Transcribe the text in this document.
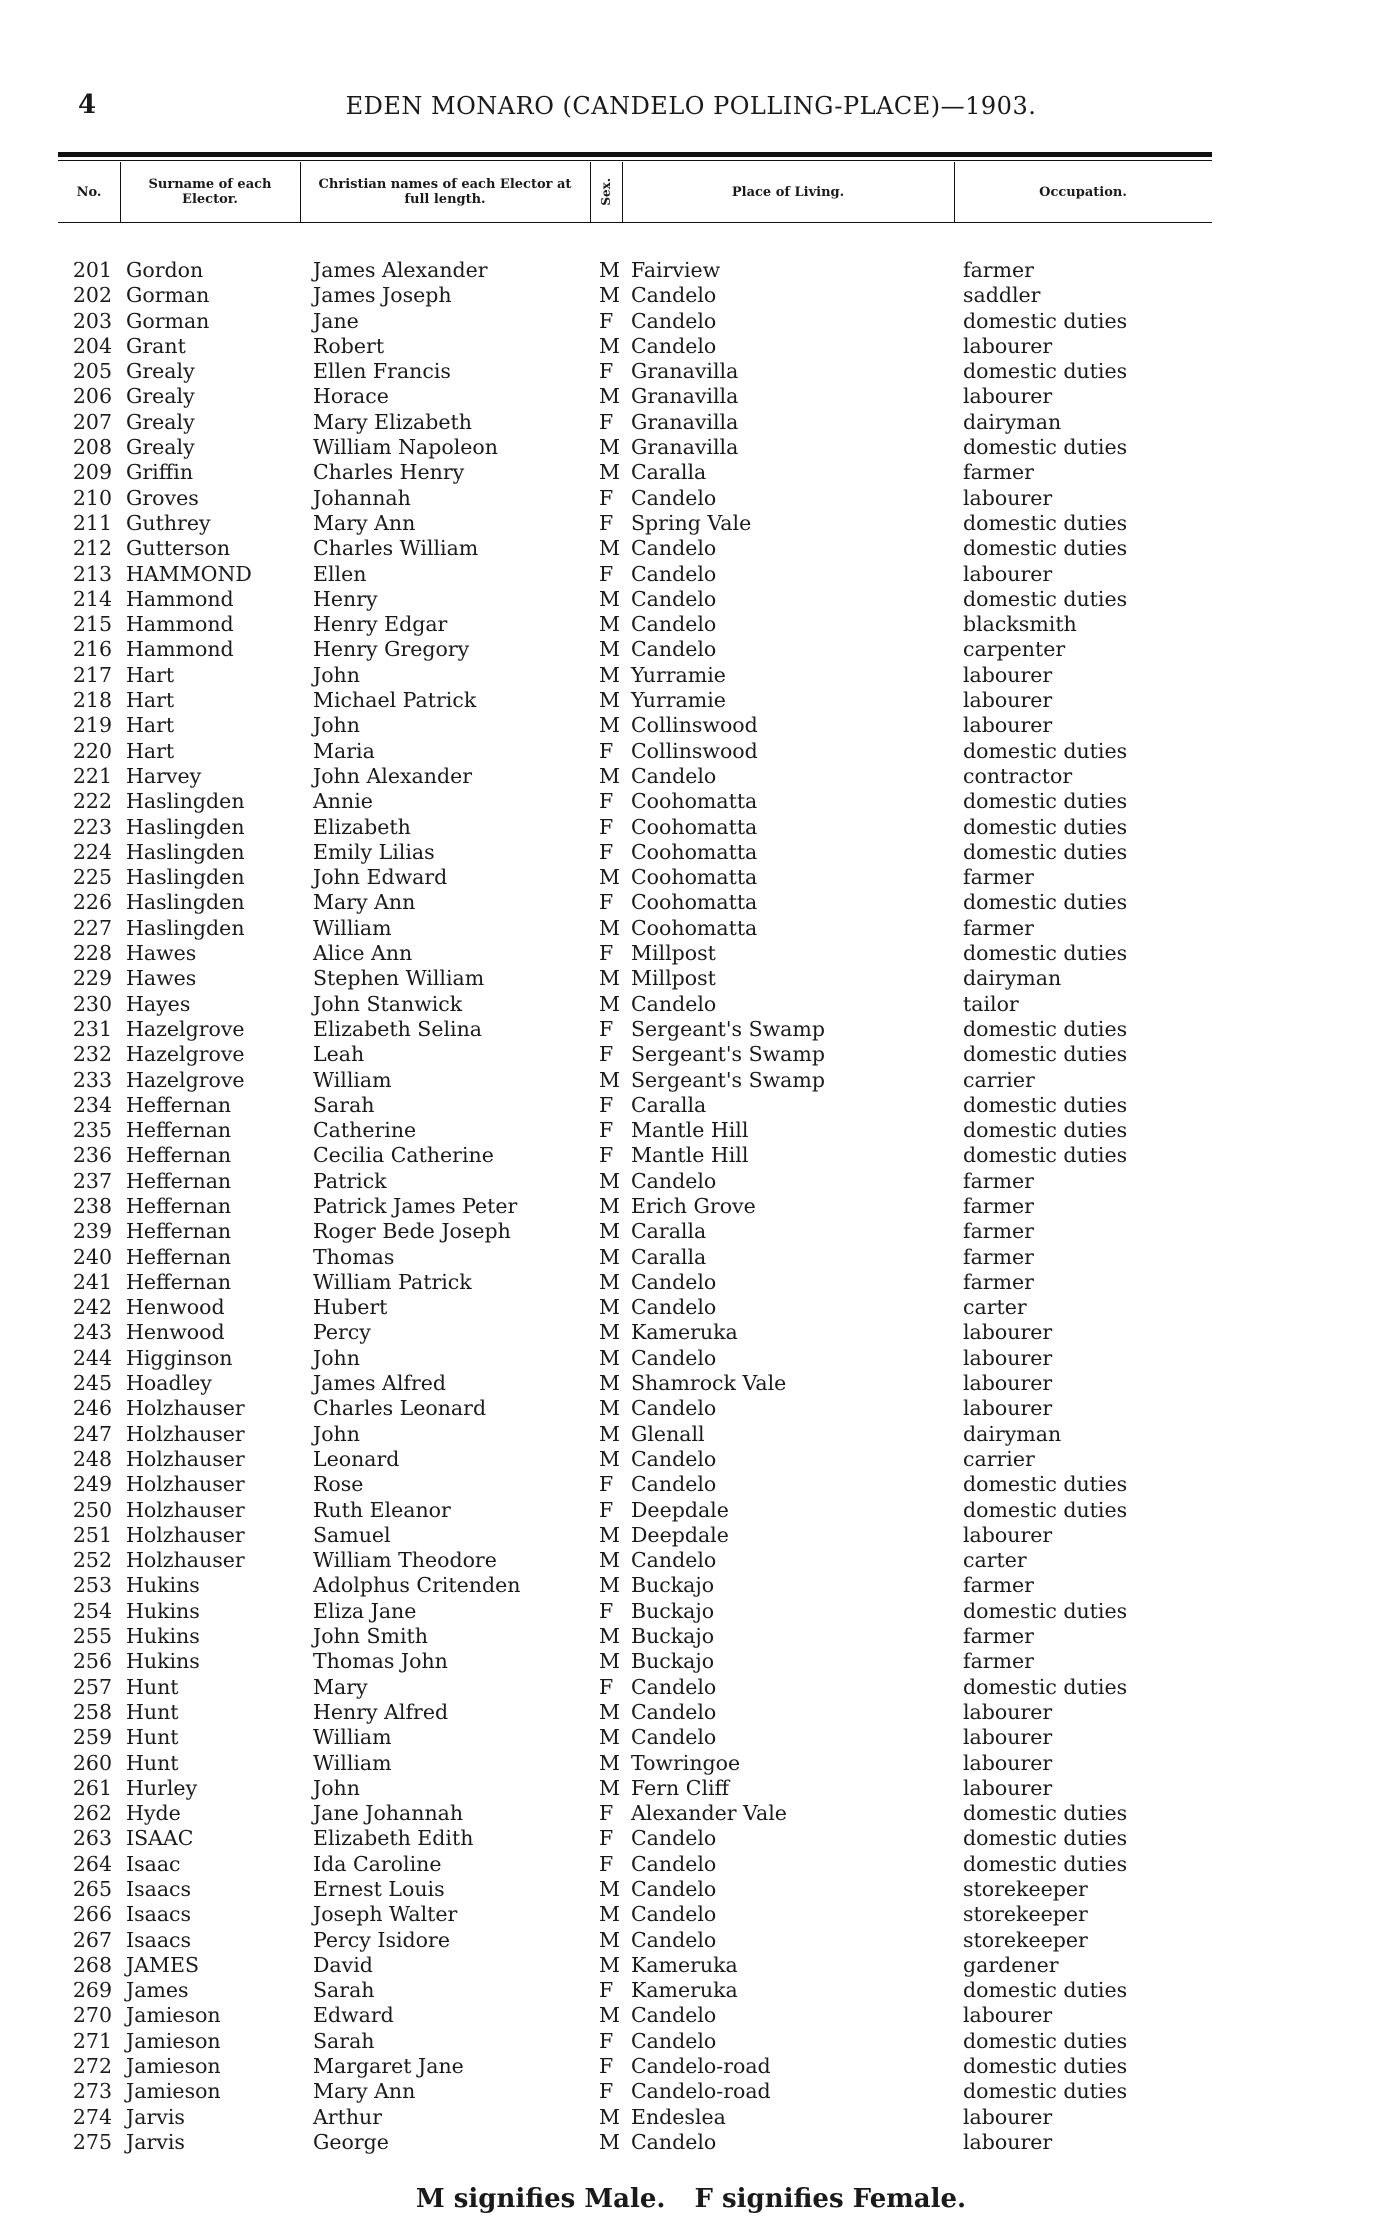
4	EDEN MONARO (CANDELO POLLING-PLACE)—1903.
No.	Surname of each Elector.
Christian names of each Elector at full length.	Sex.	Place of Living.	Occupation.
201 Gordon	James Alexander	M Fairview	farmer
202 Gorman	James Joseph	M Candelo	saddler
203 Gorman	Jane	F Candelo	domestic duties
204 Grant	Robert	M Candelo	labourer
205 Grealy	Ellen Francis	F Granavilla	domestic duties
206 Grealy	Horace	M Granavilla	labourer
207 Grealy	Mary Elizabeth	F Granavilla	dairyman
208 Grealy	William Napoleon	M Granavilla	domestic duties
209 Griffin	Charles Henry	M Caralla	farmer
210 Groves	Johannah	F Candelo	labourer
211 Guthrey	Mary Ann	F Spring Vale	domestic duties
212 Gutterson	Charles William	M Candelo	domestic duties
213 HAMMOND	Ellen	F Candelo	labourer
214 Hammond	Henry	M Candelo	domestic duties
215 Hammond	Henry Edgar	M Candelo	blacksmith
216 Hammond	Henry Gregory	M Candelo	carpenter
217 Hart	John	M Yurramie	labourer
218 Hart	Michael Patrick	M Yurramie	labourer
219 Hart	John	M Collinswood	labourer
220 Hart	Maria	F Collinswood	domestic duties
221 Harvey	John Alexander	M Candelo	contractor
222 Haslingden	Annie	F Coohomatta	domestic duties
223 Haslingden	Elizabeth	F Coohomatta	domestic duties
224 Haslingden	Emily Lilias	F Coohomatta	domestic duties
225 Haslingden	John Edward	M Coohomatta	farmer
226 Haslingden	Mary Ann	F Coohomatta	domestic duties
227 Haslingden	William	M Coohomatta	farmer
228 Hawes	Alice Ann	F Millpost	domestic duties
229 Hawes	Stephen William	M Millpost	dairyman
230 Hayes	John Stanwick	M Candelo	tailor
231 Hazelgrove	Elizabeth Selina	F Sergeant's Swamp	domestic duties
232 Hazelgrove	Leah	F Sergeant's Swamp	domestic duties
233 Hazelgrove	William	M Sergeant's Swamp	carrier
234 Heffernan	Sarah	F Caralla	domestic duties
235 Heffernan	Catherine	F Mantle Hill	domestic duties
236 Heffernan	Cecilia Catherine	F Mantle Hill	domestic duties
237 Heffernan	Patrick	M Candelo	farmer
238 Heffernan	Patrick James Peter	M Erich Grove	farmer
239 Heffernan	Roger Bede Joseph	M Caralla	farmer
240 Heffernan	Thomas	M Caralla	farmer
241 Heffernan	William Patrick	M Candelo	farmer
242 Henwood	Hubert	M Candelo	carter
243 Henwood	Percy	M Kameruka	labourer
244 Higginson	John	M Candelo	labourer
245 Hoadley	James Alfred	M Shamrock Vale	labourer
246 Holzhauser	Charles Leonard	M Candelo	labourer
247 Holzhauser	John	M Glenall	dairyman
248 Holzhauser	Leonard	M Candelo	carrier
249 Holzhauser	Rose	F Candelo	domestic duties
250 Holzhauser	Ruth Eleanor	F Deepdale	domestic duties
251 Holzhauser	Samuel	M Deepdale	labourer
252 Holzhauser	William Theodore	M Candelo	carter
253 Hukins	Adolphus Critenden	M Buckajo	farmer
254 Hukins	Eliza Jane	F Buckajo	domestic duties
255 Hukins	John Smith	M Buckajo	farmer
256 Hukins	Thomas John	M Buckajo	farmer
257 Hunt	Mary	F Candelo	domestic duties
258 Hunt	Henry Alfred	M Candelo	labourer
259 Hunt	William	M Candelo	labourer
260 Hunt	William	M Towringoe	labourer
261 Hurley	John	M Fern Cliff	labourer
262 Hyde	Jane Johannah	F Alexander Vale	domestic duties
263 ISAAC	Elizabeth Edith	F Candelo	domestic duties
264 Isaac	Ida Caroline	F Candelo	domestic duties
265 Isaacs	Ernest Louis	M Candelo	storekeeper
266 Isaacs	Joseph Walter	M Candelo	storekeeper
267 Isaacs	Percy Isidore	M Candelo	storekeeper
268 JAMES	David	M Kameruka	gardener
269 James	Sarah	F Kameruka	domestic duties
270 Jamieson	Edward	M Candelo	labourer
271 Jamieson	Sarah	F Candelo	domestic duties
272 Jamieson	Margaret Jane	F Candelo-road	domestic duties
273 Jamieson	Mary Ann	F Candelo-road	domestic duties
274 Jarvis	Arthur	M Endeslea	labourer
275 Jarvis	George	M Candelo	labourer
M signifies Male. F signifies Female.
